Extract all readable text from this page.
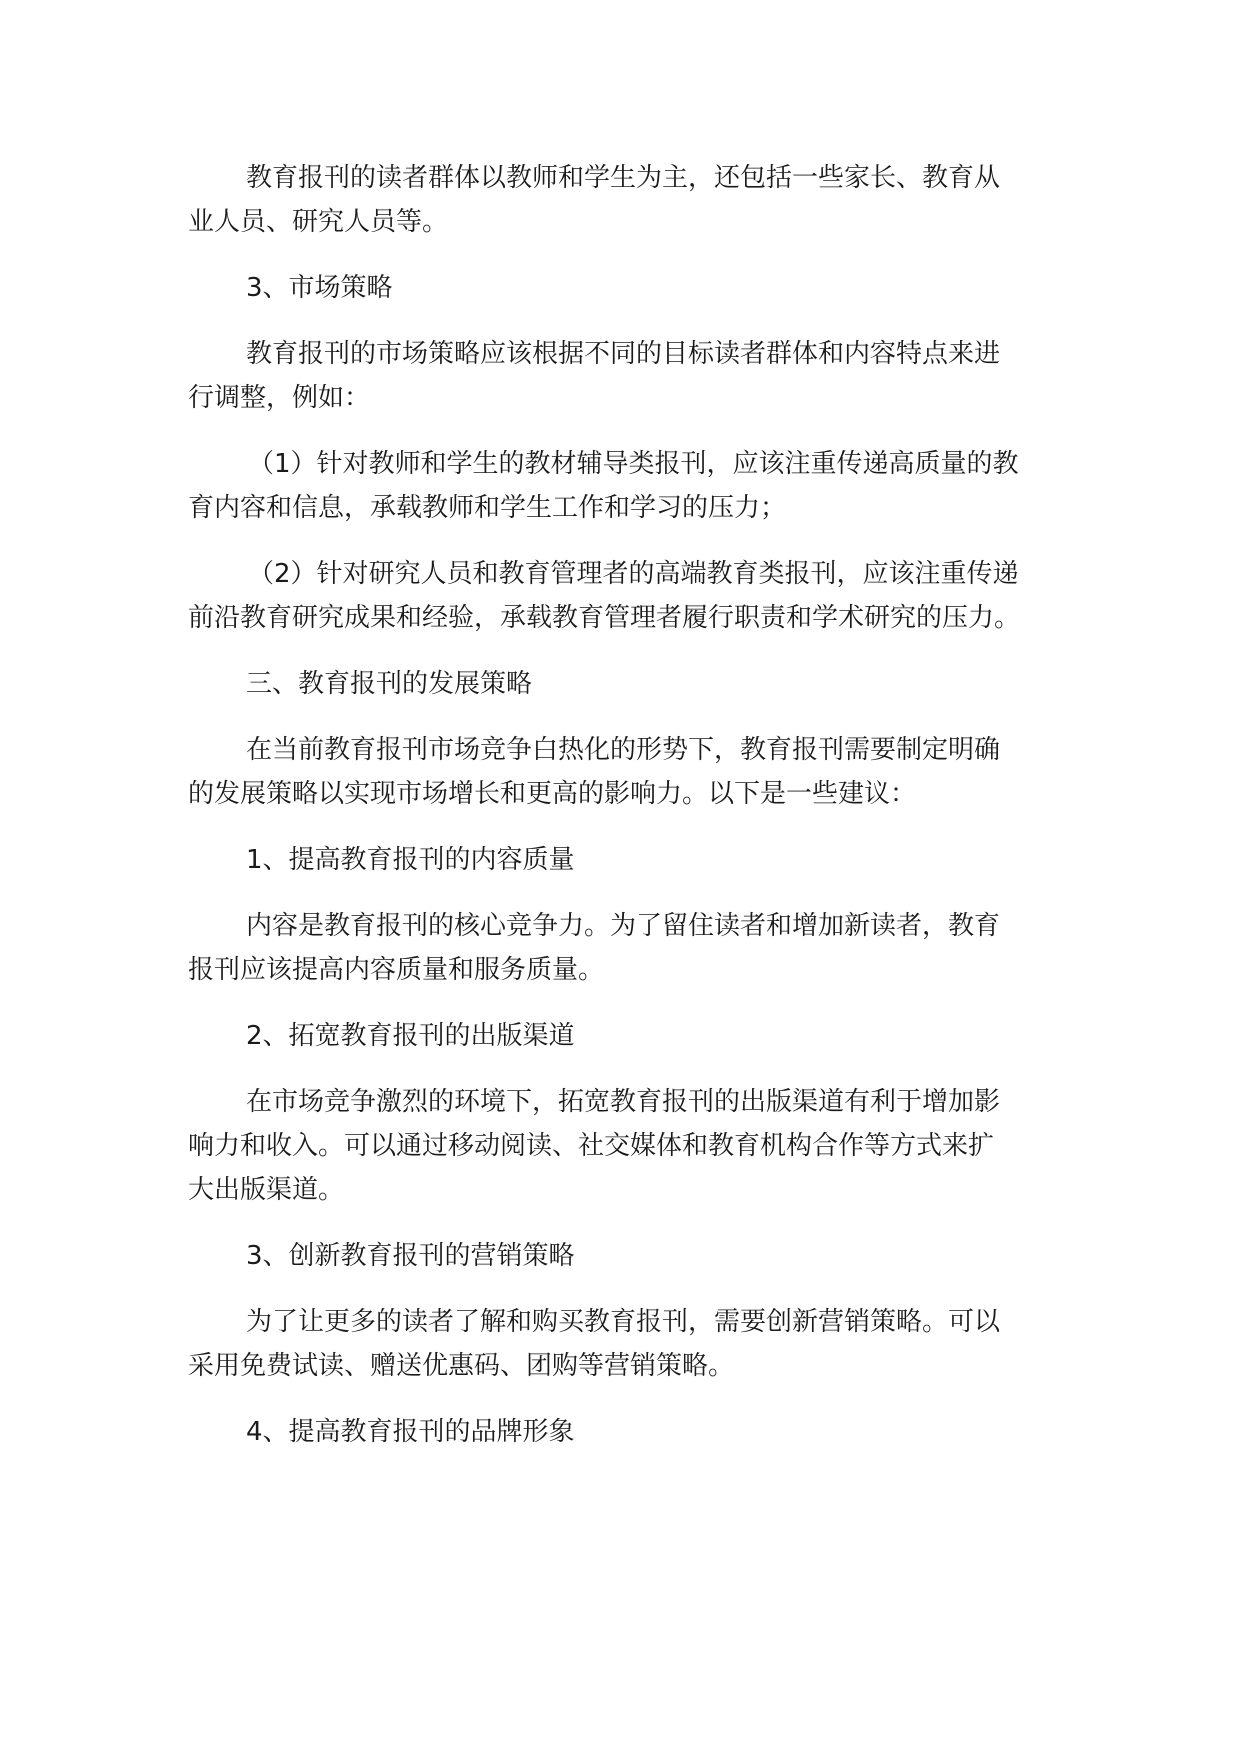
教育报刊的读者群体以教师和学生为主，还包括一些家长、教育从
业人员、研究人员等。

3、市场策略

教育报刊的市场策略应该根据不同的目标读者群体和内容特点来进
行调整，例如：

（1）针对教师和学生的教材辅导类报刊，应该注重传递高质量的教
育内容和信息，承载教师和学生工作和学习的压力；

（2）针对研究人员和教育管理者的高端教育类报刊，应该注重传递
前沿教育研究成果和经验，承载教育管理者履行职责和学术研究的压力。

三、教育报刊的发展策略

在当前教育报刊市场竞争白热化的形势下，教育报刊需要制定明确
的发展策略以实现市场增长和更高的影响力。以下是一些建议：

1、提高教育报刊的内容质量

内容是教育报刊的核心竞争力。为了留住读者和增加新读者，教育
报刊应该提高内容质量和服务质量。

2、拓宽教育报刊的出版渠道

在市场竞争激烈的环境下，拓宽教育报刊的出版渠道有利于增加影
响力和收入。可以通过移动阅读、社交媒体和教育机构合作等方式来扩
大出版渠道。

3、创新教育报刊的营销策略

为了让更多的读者了解和购买教育报刊，需要创新营销策略。可以
采用免费试读、赠送优惠码、团购等营销策略。

4、提高教育报刊的品牌形象
